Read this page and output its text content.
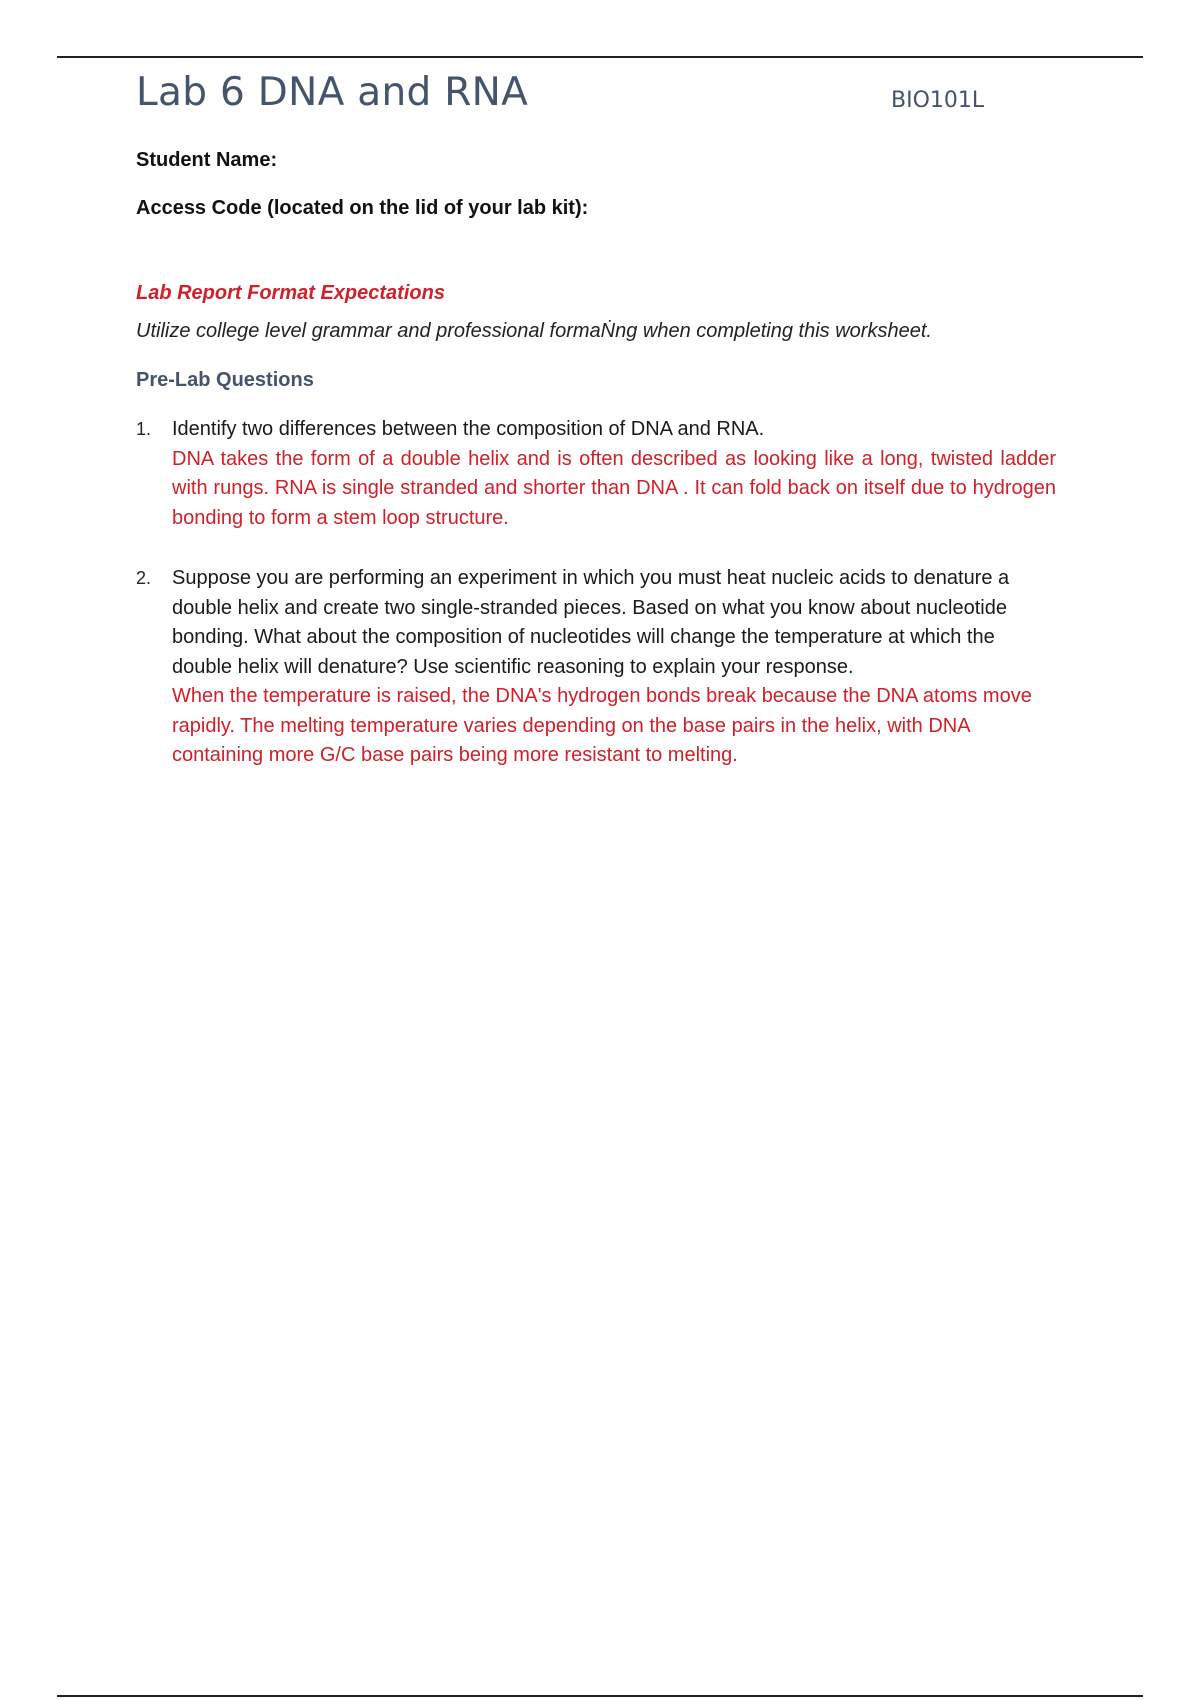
Lab 6 DNA and RNA	BIO101L
Student Name:
Access Code (located on the lid of your lab kit):
Lab Report Format Expectations
Utilize college level grammar and professional formaṄng when completing this worksheet.
Pre-Lab Questions
1.	Identify two differences between the composition of DNA and RNA.
DNA takes the form of a double helix and is often described as looking like a long, twisted ladder with rungs. RNA is single stranded and shorter than DNA . It can fold back on itself due to hydrogen bonding to form a stem loop structure.
2.	Suppose you are performing an experiment in which you must heat nucleic acids to denature a double helix and create two single-stranded pieces. Based on what you know about nucleotide bonding. What about the composition of nucleotides will change the temperature at which the double helix will denature? Use scientific reasoning to explain your response.
When the temperature is raised, the DNA's hydrogen bonds break because the DNA atoms move rapidly. The melting temperature varies depending on the base pairs in the helix, with DNA containing more G/C base pairs being more resistant to melting.
